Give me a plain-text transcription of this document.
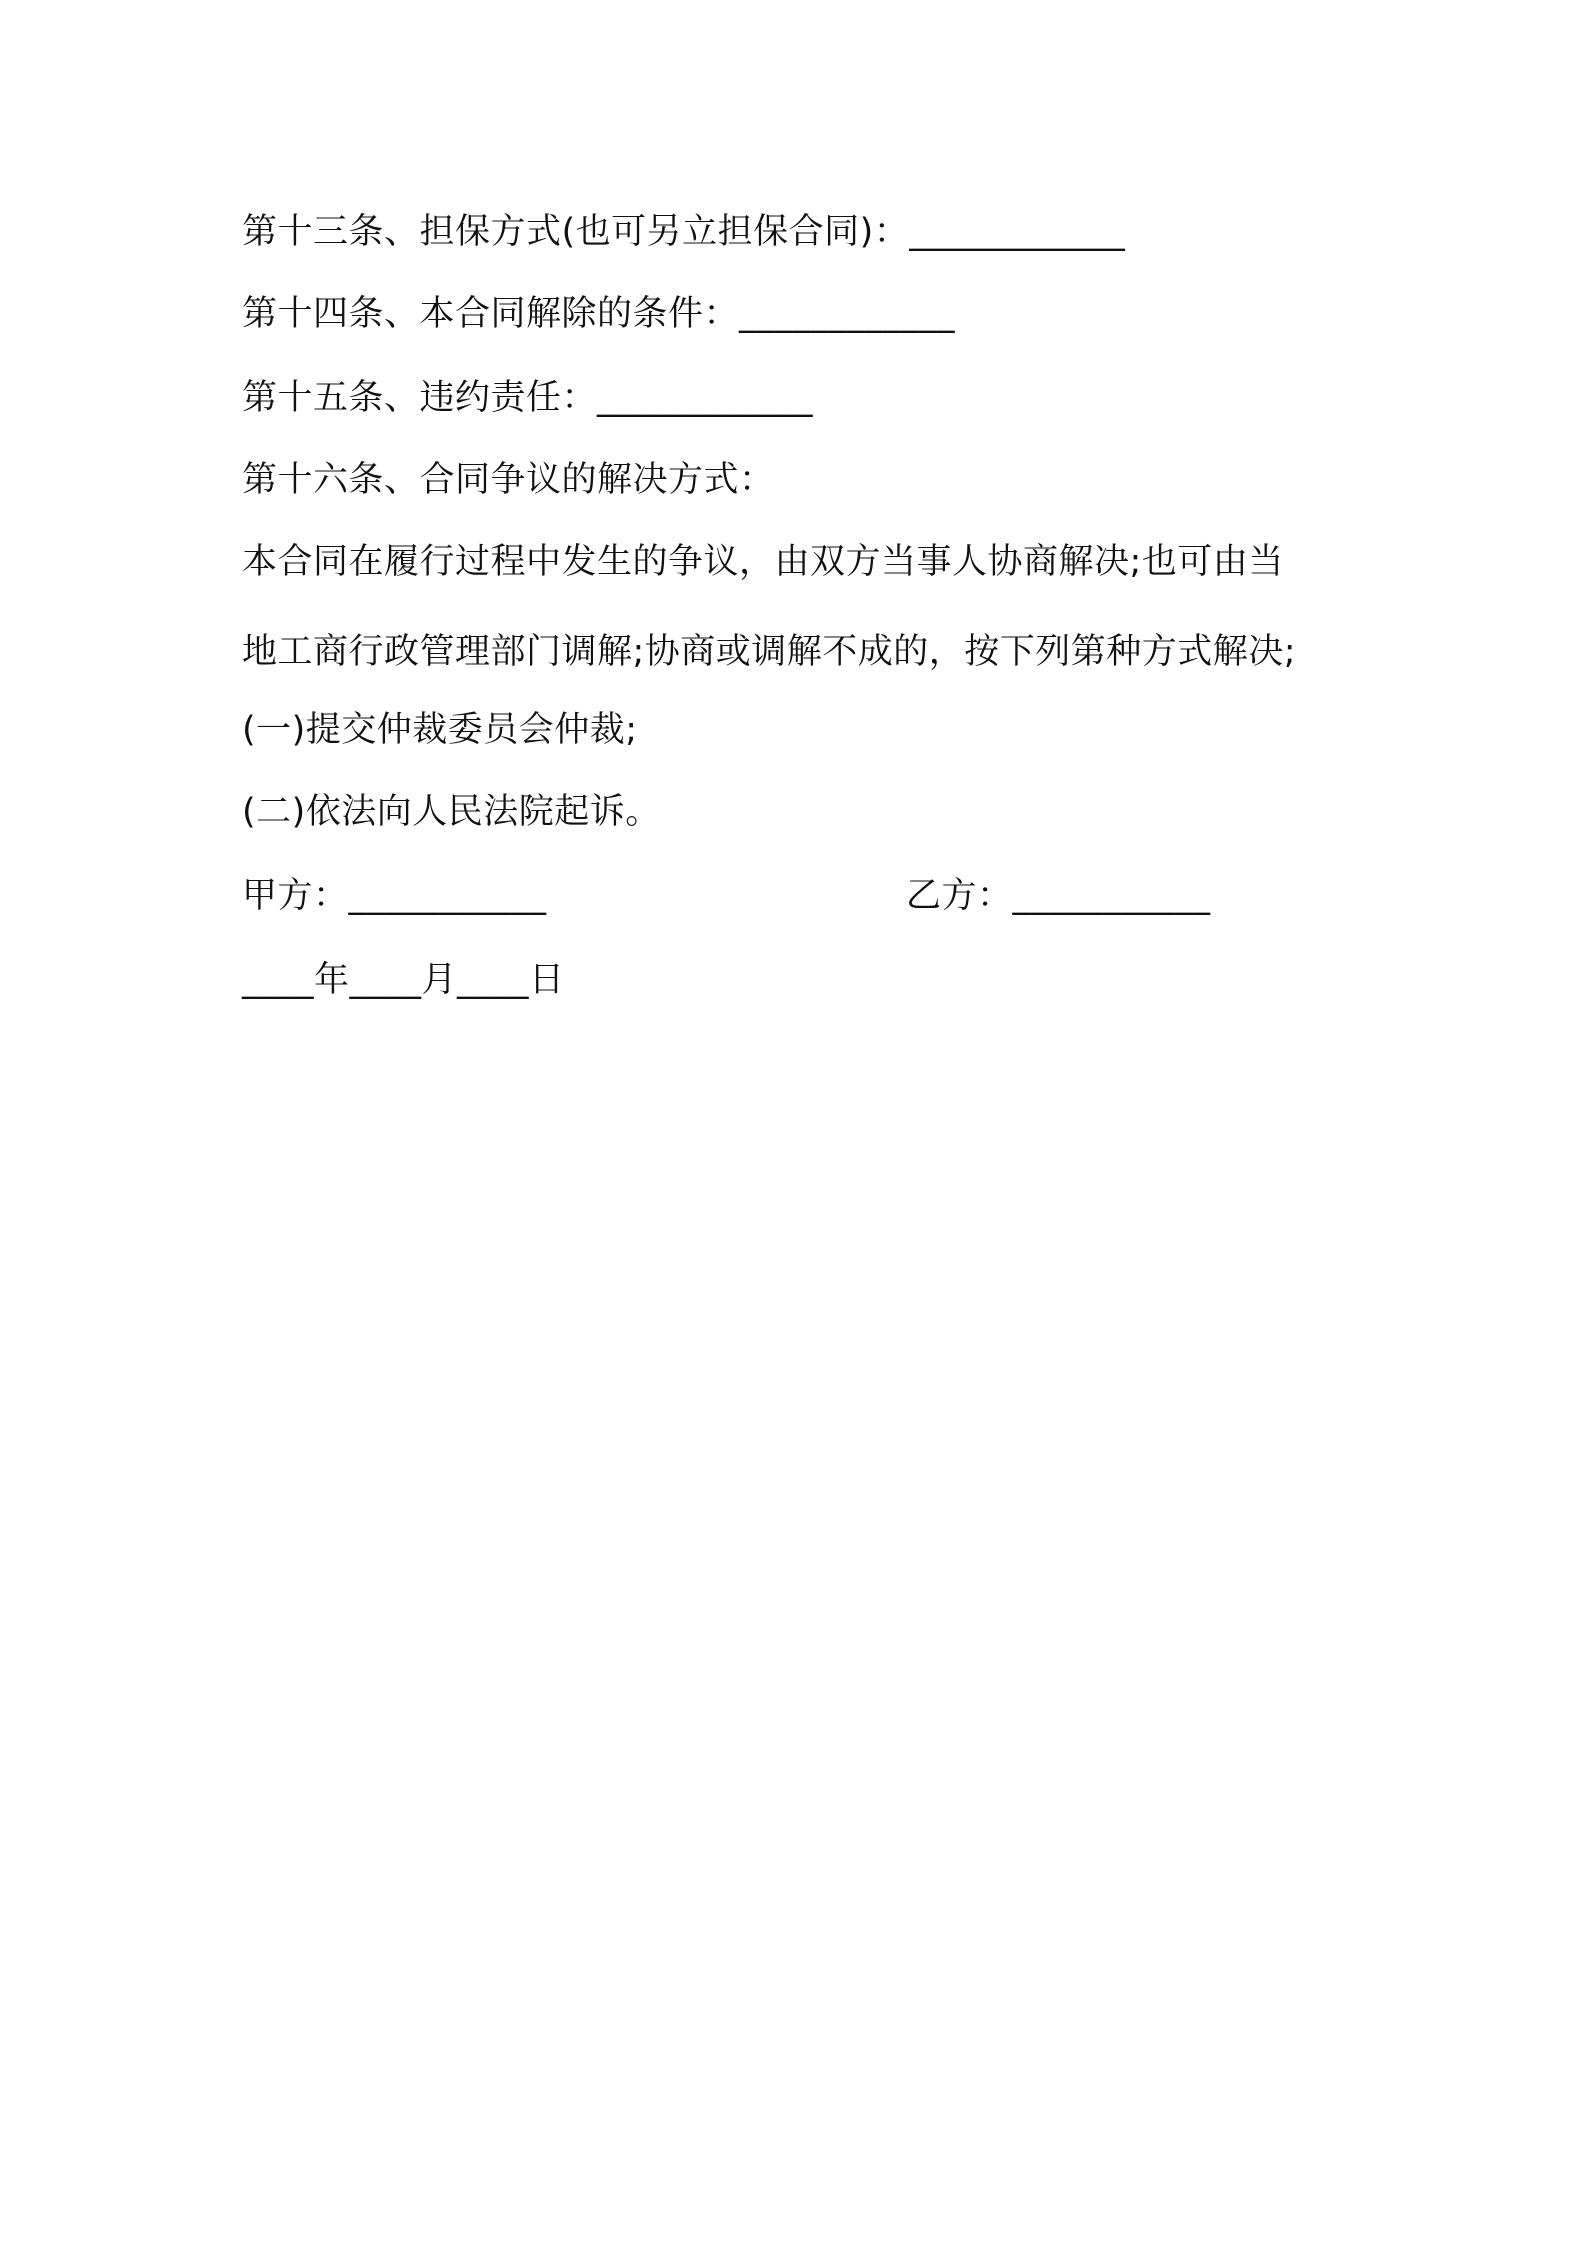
第十三条、担保方式(也可另立担保合同)：____________
第十四条、本合同解除的条件：____________
第十五条、违约责任：____________
第十六条、合同争议的解决方式：
本合同在履行过程中发生的争议，由双方当事人协商解决;也可由当
地工商行政管理部门调解;协商或调解不成的，按下列第种方式解决;
(一)提交仲裁委员会仲裁;
(二)依法向人民法院起诉。
甲方：___________	乙方：___________
____年____月____日
